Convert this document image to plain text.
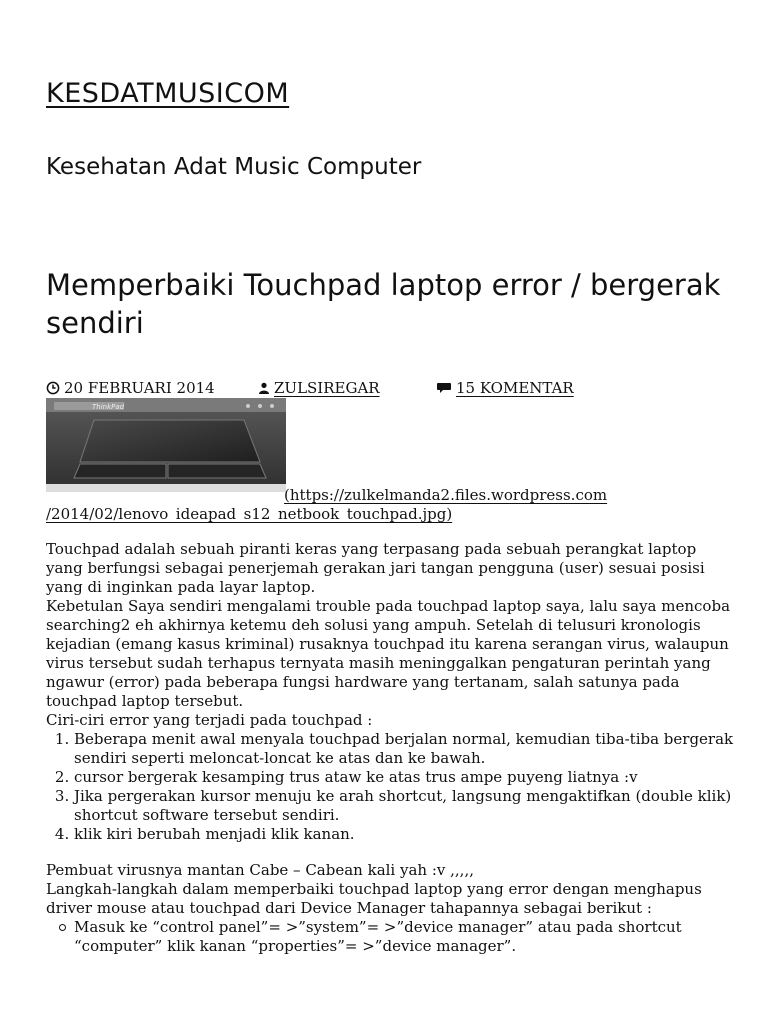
KESDATMUSICOM
Kesehatan Adat Music Computer
Memperbaiki Touchpad laptop error / bergerak sendiri
20 FEBRUARI 2014	ZULSIREGAR	15 KOMENTAR
ThinkPad
(https://zulkelmanda2.files.wordpress.com
/2014/02/lenovo_ideapad_s12_netbook_touchpad.jpg)

Touchpad adalah sebuah piranti keras yang terpasang pada sebuah perangkat laptop yang berfungsi sebagai penerjemah gerakan jari tangan pengguna (user) sesuai posisi yang di inginkan pada layar laptop.

Kebetulan Saya sendiri mengalami trouble pada touchpad laptop saya, lalu saya mencoba searching2 eh akhirnya ketemu deh solusi yang ampuh. Setelah di telusuri kronologis kejadian (emang kasus kriminal) rusaknya touchpad itu karena serangan virus, walaupun virus tersebut sudah terhapus ternyata masih meninggalkan pengaturan perintah yang ngawur (error) pada beberapa fungsi hardware yang tertanam, salah satunya pada touchpad laptop tersebut.

Ciri-ciri error yang terjadi pada touchpad :

1. Beberapa menit awal menyala touchpad berjalan normal, kemudian tiba-tiba bergerak sendiri seperti meloncat-loncat ke atas dan ke bawah.
2. cursor bergerak kesamping trus ataw ke atas trus ampe puyeng liatnya :v
3. Jika pergerakan kursor menuju ke arah shortcut, langsung mengaktifkan (double klik) shortcut software tersebut sendiri.
4. klik kiri berubah menjadi klik kanan.

Pembuat virusnya mantan Cabe – Cabean kali yah :v ,,,,,

Langkah-langkah dalam memperbaiki touchpad laptop yang error dengan menghapus driver mouse atau touchpad dari Device Manager tahapannya sebagai berikut :

Masuk ke “control panel”= >”system”= >”device manager” atau pada shortcut “computer” klik kanan “properties”= >”device manager”.
